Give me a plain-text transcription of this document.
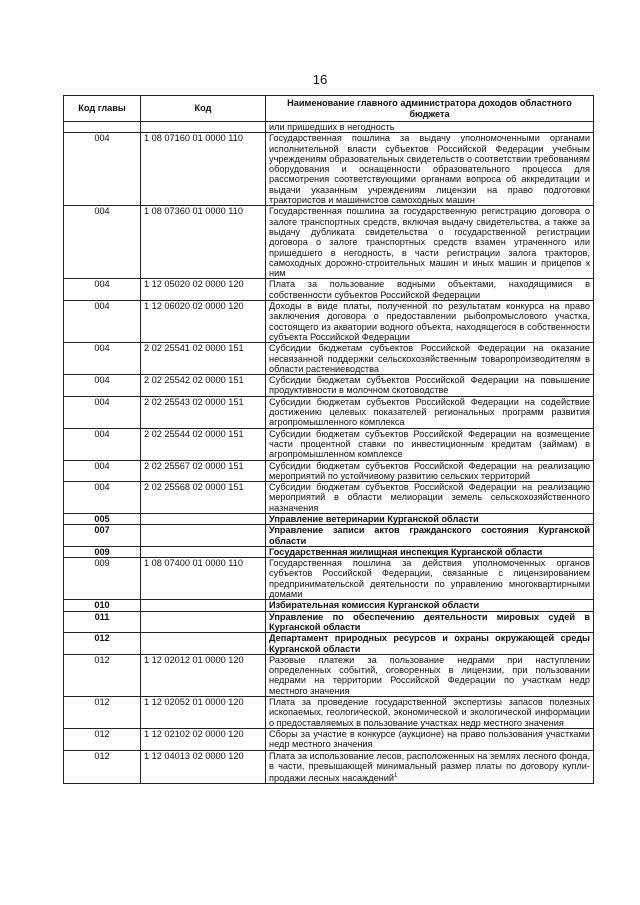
16
Код главы	Код	Наименование главного администратора доходов областного бюджета
		или пришедших в негодность
004	1 08 07160 01 0000 110	Государственная пошлина за выдачу уполномоченными органами исполнительной власти субъектов Российской Федерации учебным учреждениям образовательных свидетельств о соответствии требованиям оборудования и оснащенности образовательного процесса для рассмотрения соответствующими органами вопроса об аккредитации и выдачи указанным учреждениям лицензии на право подготовки трактористов и машинистов самоходных машин
004	1 08 07360 01 0000 110	Государственная пошлина за государственную регистрацию договора о залоге транспортных средств, включая выдачу свидетельства, а также за выдачу дубликата свидетельства о государственной регистрации договора о залоге транспортных средств взамен утраченного или пришедшего в негодность, в части регистрации залога тракторов, самоходных дорожно-строительных машин и иных машин и прицепов к ним
004	1 12 05020 02 0000 120	Плата за пользование водными объектами, находящимися в собственности субъектов Российской Федерации
004	1 12 06020 02 0000 120	Доходы в виде платы, полученной по результатам конкурса на право заключения договора о предоставлении рыбопромыслового участка, состоящего из акватории водного объекта, находящегося в собственности субъекта Российской Федерации
004	2 02 25541 02 0000 151	Субсидии бюджетам субъектов Российской Федерации на оказание несвязанной поддержки сельскохозяйственным товаропроизводителям в области растениеводства
004	2 02 25542 02 0000 151	Субсидии бюджетам субъектов Российской Федерации на повышение продуктивности в молочном скотоводстве
004	2 02 25543 02 0000 151	Субсидии бюджетам субъектов Российской Федерации на содействие достижению целевых показателей региональных программ развития агропромышленного комплекса
004	2 02 25544 02 0000 151	Субсидии бюджетам субъектов Российской Федерации на возмещение части процентной ставки по инвестиционным кредитам (займам) в агропромышленном комплексе
004	2 02 25567 02 0000 151	Субсидии бюджетам субъектов Российской Федерации на реализацию мероприятий по устойчивому развитию сельских территорий
004	2 02 25568 02 0000 151	Субсидии бюджетам субъектов Российской Федерации на реализацию мероприятий в области мелиорации земель сельскохозяйственного назначения
005		Управление ветеринарии Курганской области
007		Управление записи актов гражданского состояния Курганской области
009		Государственная жилищная инспекция Курганской области
009	1 08 07400 01 0000 110	Государственная пошлина за действия уполномоченных органов субъектов Российской Федерации, связанные с лицензированием предпринимательской деятельности по управлению многоквартирными домами
010		Избирательная комиссия Курганской области
011		Управление по обеспечению деятельности мировых судей в Курганской области
012		Департамент природных ресурсов и охраны окружающей среды Курганской области
012	1 12 02012 01 0000 120	Разовые платежи за пользование недрами при наступлении определенных событий, оговоренных в лицензии, при пользовании недрами на территории Российской Федерации по участкам недр местного значения
012	1 12 02052 01 0000 120	Плата за проведение государственной экспертизы запасов полезных ископаемых, геологической, экономической и экологической информации о предоставляемых в пользование участках недр местного значения
012	1 12 02102 02 0000 120	Сборы за участие в конкурсе (аукционе) на право пользования участками недр местного значения
012	1 12 04013 02 0000 120	Плата за использование лесов, расположенных на землях лесного фонда, в части, превышающей минимальный размер платы по договору купли-продажи лесных насаждений$^1$
